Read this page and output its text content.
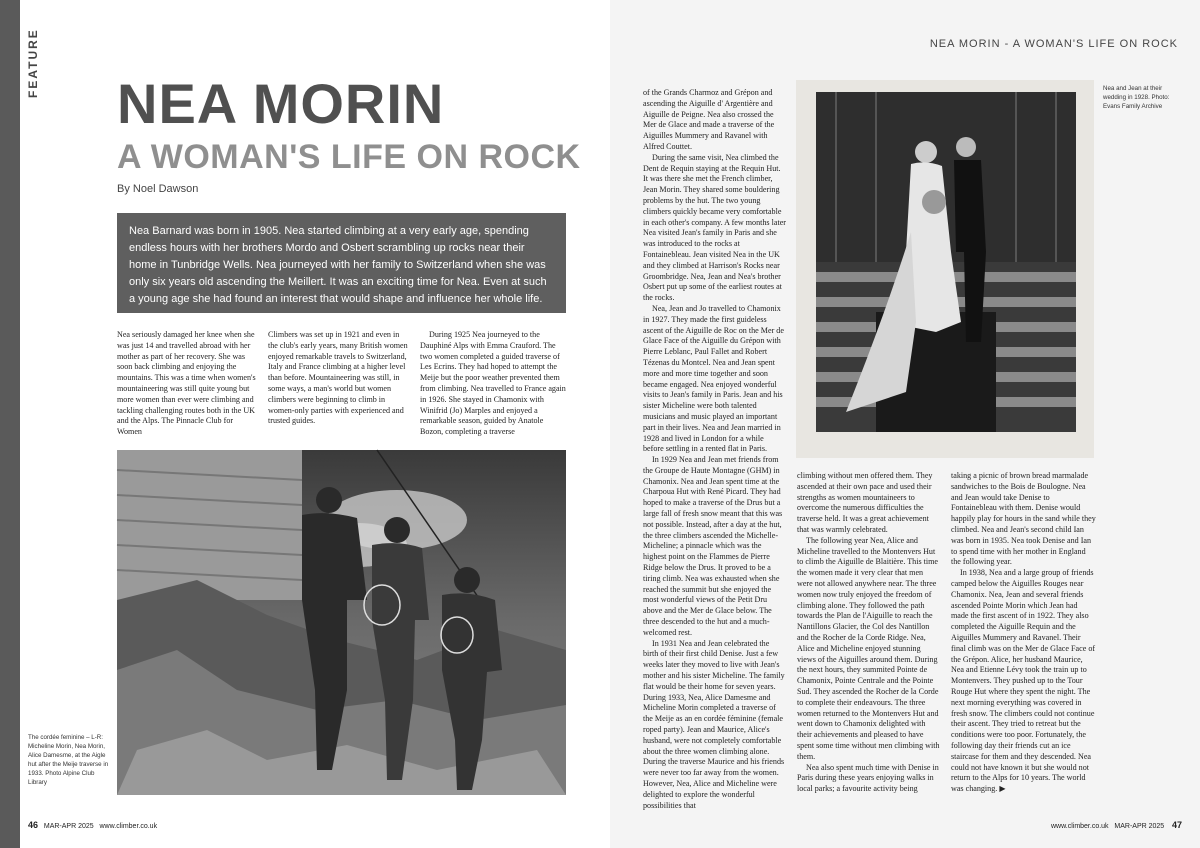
FEATURE
NEA MORIN
A WOMAN'S LIFE ON ROCK
By Noel Dawson
Nea Barnard was born in 1905. Nea started climbing at a very early age, spending endless hours with her brothers Mordo and Osbert scrambling up rocks near their home in Tunbridge Wells. Nea journeyed with her family to Switzerland when she was only six years old ascending the Meillert. It was an exciting time for Nea. Even at such a young age she had found an interest that would shape and influence her whole life.

Nea seriously damaged her knee when she was just 14 and travelled abroad with her mother as part of her recovery. She was soon back climbing and enjoying the mountains. This was a time when women's mountaineering was still quite young but more women than ever were climbing and tackling challenging routes both in the UK and the Alps. The Pinnacle Club for Women

Climbers was set up in 1921 and even in the club's early years, many British women enjoyed remarkable travels to Switzerland, Italy and France climbing at a higher level than before. Mountaineering was still, in some ways, a man's world but women climbers were beginning to climb in women-only parties with experienced and trusted guides.

During 1925 Nea journeyed to the Dauphiné Alps with Emma Crauford. The two women completed a guided traverse of Les Ecrins. They had hoped to attempt the Meije but the poor weather prevented them from climbing. Nea travelled to France again in 1926. She stayed in Chamonix with Winifrid (Jo) Marples and enjoyed a remarkable season, guided by Anatole Bozon, completing a traverse

The cordée feminine – L-R: Micheline Morin, Nea Morin, Alice Damesme, at the Aigle hut after the Meije traverse in 1933. Photo Alpine Club Library
46 MAR-APR 2025 www.climber.co.uk
NEA MORIN - A WOMAN'S LIFE ON ROCK

of the Grands Charmoz and Grépon and ascending the Aiguille d' Argentière and Aiguille de Peigne. Nea also crossed the Mer de Glace and made a traverse of the Aiguilles Mummery and Ravanel with Alfred Couttet.

During the same visit, Nea climbed the Dent de Requin staying at the Requin Hut. It was there she met the French climber, Jean Morin. They shared some bouldering problems by the hut. The two young climbers quickly became very comfortable in each other's company. A few months later Nea visited Jean's family in Paris and she was introduced to the rocks at Fontainebleau. Jean visited Nea in the UK and they climbed at Harrison's Rocks near Groombridge. Nea, Jean and Nea's brother Osbert put up some of the earliest routes at the rocks.

Nea, Jean and Jo travelled to Chamonix in 1927. They made the first guideless ascent of the Aiguille de Roc on the Mer de Glace Face of the Aiguille du Grépon with Pierre Leblanc, Paul Fallet and Robert Tézenas du Montcel. Nea and Jean spent more and more time together and soon became engaged. Nea enjoyed wonderful visits to Jean's family in Paris. Jean and his sister Micheline were both talented musicians and music played an important part in their lives. Nea and Jean married in 1928 and lived in London for a while before settling in a rented flat in Paris.

In 1929 Nea and Jean met friends from the Groupe de Haute Montagne (GHM) in Chamonix. Nea and Jean spent time at the Charpoua Hut with René Picard. They had hoped to make a traverse of the Drus but a large fall of fresh snow meant that this was not possible. Instead, after a day at the hut, the three climbers ascended the Michelle-Micheline; a pinnacle which was the highest point on the Flammes de Pierre Ridge below the Drus. It proved to be a tiring climb. Nea was exhausted when she reached the summit but she enjoyed the most wonderful views of the Petit Dru above and the Mer de Glace below. The three descended to the hut and a much-welcomed rest.

In 1931 Nea and Jean celebrated the birth of their first child Denise. Just a few weeks later they moved to live with Jean's mother and his sister Micheline. The family flat would be their home for seven years. During 1933, Nea, Alice Damesme and Micheline Morin completed a traverse of the Meije as an en cordée féminine (female roped party). Jean and Maurice, Alice's husband, were not completely comfortable about the three women climbing alone. During the traverse Maurice and his friends were never too far away from the women. However, Nea, Alice and Micheline were delighted to explore the wonderful possibilities that

climbing without men offered them. They ascended at their own pace and used their strengths as women mountaineers to overcome the numerous difficulties the traverse held. It was a great achievement that was warmly celebrated.

The following year Nea, Alice and Micheline travelled to the Montenvers Hut to climb the Aiguille de Blaitière. This time the women made it very clear that men were not allowed anywhere near. The three women now truly enjoyed the freedom of climbing alone. They followed the path towards the Plan de l'Aiguille to reach the Nantillons Glacier, the Col des Nantillon and the Rocher de la Corde Ridge. Nea, Alice and Micheline enjoyed stunning views of the Aiguilles around them. During the next hours, they summited Pointe de Chamonix, Pointe Centrale and the Pointe Sud. They ascended the Rocher de la Corde to complete their endeavours. The three women returned to the Montenvers Hut and went down to Chamonix delighted with their achievements and pleased to have spent some time without men climbing with them.

Nea also spent much time with Denise in Paris during these years enjoying walks in local parks; a favourite activity being

taking a picnic of brown bread marmalade sandwiches to the Bois de Boulogne. Nea and Jean would take Denise to Fontainebleau with them. Denise would happily play for hours in the sand while they climbed. Nea and Jean's second child Ian was born in 1935. Nea took Denise and Ian to spend time with her mother in England the following year.

In 1938, Nea and a large group of friends camped below the Aiguilles Rouges near Chamonix. Nea, Jean and several friends ascended Pointe Morin which Jean had made the first ascent of in 1922. They also completed the Aiguille Requin and the Aiguilles Mummery and Ravanel. Their final climb was on the Mer de Glace Face of the Grépon. Alice, her husband Maurice, Nea and Etienne Lévy took the train up to Montenvers. They pushed up to the Tour Rouge Hut where they spent the night. The next morning everything was covered in fresh snow. The climbers could not continue their ascent. They tried to retreat but the conditions were too poor. Fortunately, the following day their friends cut an ice staircase for them and they descended. Nea could not have known it but she would not return to the Alps for 10 years. The world was changing. ▶

Nea and Jean at their wedding in 1928. Photo: Evans Family Archive
www.climber.co.uk MAR-APR 2025 47
